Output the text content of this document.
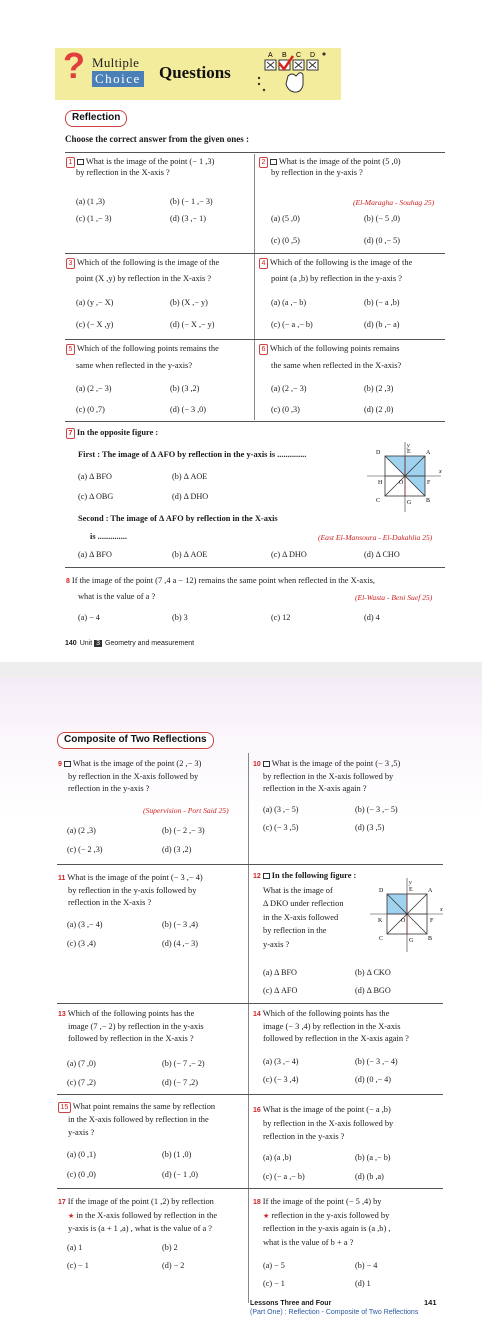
? Multiple
Choice Questions
A B C D
Reflection
Choose the correct answer from the given ones :
1 What is the image of the point (− 1 ,3)
by reflection in the X-axis ?
(a) (1 ,3)	(b) (− 1 ,− 3)
(c) (1 ,− 3)	(d) (3 ,− 1)
2 What is the image of the point (5 ,0)
by reflection in the y-axis ?
(El-Maragha - Souhag 25)
(a) (5 ,0)	(b) (− 5 ,0)
(c) (0 ,5)	(d) (0 ,− 5)
3 Which of the following is the image of the
point (X ,y) by reflection in the X-axis ?
(a) (y ,− X)	(b) (X ,− y)
(c) (− X ,y)	(d) (− X ,− y)
4 Which of the following is the image of the
point (a ,b) by reflection in the y-axis ?
(a) (a ,− b)	(b) (− a ,b)
(c) (− a ,− b)	(d) (b ,− a)
5 Which of the following points remains the
same when reflected in the y-axis?
(a) (2 ,− 3)	(b) (3 ,2)
(c) (0 ,7)	(d) (− 3 ,0)
6 Which of the following points remains
the same when reflected in the X-axis?
(a) (2 ,− 3)	(b) (2 ,3)
(c) (0 ,3)	(d) (2 ,0)
7 In the opposite figure :
First : The image of Δ AFO by reflection in the y-axis is ..............
(a) Δ BFO	(b) Δ AOE
(c) Δ OBG	(d) Δ DHO
Second : The image of Δ AFO by reflection in the X-axis
is ..............	(East El-Mansoura - El-Dakahlia 25)
(a) Δ BFO	(b) Δ AOE	(c) Δ DHO	(d) Δ CHO
D	E	A
H	O	F
C	G B
x
y
8 If the image of the point (7 ,4 a − 12) remains the same point when reflected in the X-axis,
what is the value of a ?	(El-Wasta - Beni Suef 25)
(a) − 4	(b) 3	(c) 12	(d) 4
140 Unit 3 Geometry and measurement
Composite of Two Reflections
9 What is the image of the point (2 ,− 3)
by reflection in the X-axis followed by
reflection in the y-axis ?
(Supervision - Port Said 25)
(a) (2 ,3)	(b) (− 2 ,− 3)
(c) (− 2 ,3)	(d) (3 ,2)
10 What is the image of the point (− 3 ,5)
by reflection in the X-axis followed by
reflection in the X-axis again ?
(a) (3 ,− 5)	(b) (− 3 ,− 5)
(c) (− 3 ,5)	(d) (3 ,5)
11 What is the image of the point (− 3 ,− 4)
by reflection in the y-axis followed by
reflection in the X-axis ?
(a) (3 ,− 4)	(b) (− 3 ,4)
(c) (3 ,4)	(d) (4 ,− 3)
12 In the following figure :
What is the image of
Δ DKO under reflection
in the X-axis followed
by reflection in the
y-axis ?
(a) Δ BFO	(b) Δ CKO
(c) Δ AFO	(d) Δ BGO
D	E	A
K	O	F
C	G B
x
y
13 Which of the following points has the
image (7 ,− 2) by reflection in the y-axis
followed by reflection in the X-axis ?
(a) (7 ,0)	(b) (− 7 ,− 2)
(c) (7 ,2)	(d) (− 7 ,2)
14 Which of the following points has the
image (− 3 ,4) by reflection in the X-axis
followed by reflection in the X-axis again ?
(a) (3 ,− 4)	(b) (− 3 ,− 4)
(c) (− 3 ,4)	(d) (0 ,− 4)
15 What point remains the same by reflection
in the X-axis followed by reflection in the
y-axis ?
(a) (0 ,1)	(b) (1 ,0)
(c) (0 ,0)	(d) (− 1 ,0)
16 What is the image of the point (− a ,b)
by reflection in the X-axis followed by
reflection in the y-axis ?
(a) (a ,b)	(b) (a ,− b)
(c) (− a ,− b)	(d) (b ,a)
17 If the image of the point (1 ,2) by reflection
★ in the X-axis followed by reflection in the
y-axis is (a + 1 ,a) , what is the value of a ?
(a) 1	(b) 2
(c) − 1	(d) − 2
18 If the image of the point (− 5 ,4) by
★ reflection in the y-axis followed by
reflection in the y-axis again is (a ,b) ,
what is the value of b + a ?
(a) − 5	(b) − 4
(c) − 1	(d) 1
Lessons Three and Four
(Part One) : Reflection - Composite of Two Reflections
141
